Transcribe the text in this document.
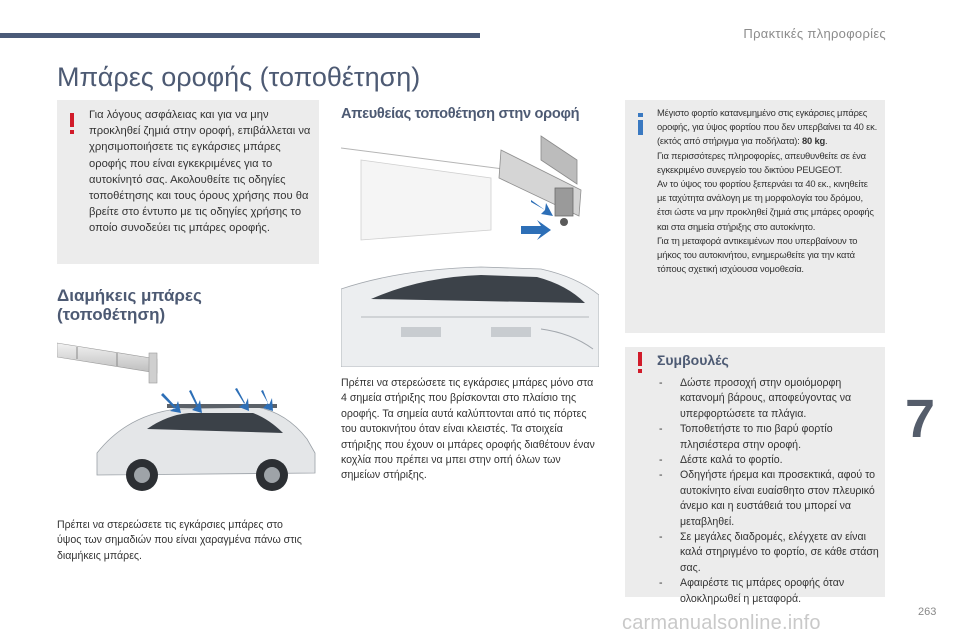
Πρακτικές πληροφορίες
Μπάρες οροφής (τοποθέτηση)

Για λόγους ασφάλειας και για να μην προκληθεί ζημιά στην οροφή, επιβάλλεται να χρησιμοποιήσετε τις εγκάρσιες μπάρες οροφής που είναι εγκεκριμένες για το αυτοκίνητό σας. Ακολουθείτε τις οδηγίες τοποθέτησης και τους όρους χρήσης που θα βρείτε στο έντυπο με τις οδηγίες χρήσης το οποίο συνοδεύει τις μπάρες οροφής.

Διαμήκεις μπάρες (τοποθέτηση)

Πρέπει να στερεώσετε τις εγκάρσιες μπάρες στο ύψος των σημαδιών που είναι χαραγμένα πάνω στις διαμήκεις μπάρες.

Απευθείας τοποθέτηση στην οροφή

Πρέπει να στερεώσετε τις εγκάρσιες μπάρες μόνο στα 4 σημεία στήριξης που βρίσκονται στο πλαίσιο της οροφής. Τα σημεία αυτά καλύπτονται από τις πόρτες του αυτοκινήτου όταν είναι κλειστές. Τα στοιχεία στήριξης που έχουν οι μπάρες οροφής διαθέτουν έναν κοχλία που πρέπει να μπει στην οπή όλων των σημείων στήριξης.

Μέγιστο φορτίο κατανεμημένο στις εγκάρσιες μπάρες οροφής, για ύψος φορτίου που δεν υπερβαίνει τα 40 εκ. (εκτός από στήριγμα για ποδήλατα): 80 kg.

Για περισσότερες πληροφορίες, απευθυνθείτε σε ένα εγκεκριμένο συνεργείο του δικτύου PEUGEOT.

Αν το ύψος του φορτίου ξεπερνάει τα 40 εκ., κινηθείτε με ταχύτητα ανάλογη με τη μορφολογία του δρόμου, έτσι ώστε να μην προκληθεί ζημιά στις μπάρες οροφής και στα σημεία στήριξης στο αυτοκίνητο.

Για τη μεταφορά αντικειμένων που υπερβαίνουν το μήκος του αυτοκινήτου, ενημερωθείτε για την κατά τόπους σχετική ισχύουσα νομοθεσία.

Συμβουλές
- Δώστε προσοχή στην ομοιόμορφη κατανομή βάρους, αποφεύγοντας να υπερφορτώσετε τα πλάγια.
- Τοποθετήστε το πιο βαρύ φορτίο πλησιέστερα στην οροφή.
- Δέστε καλά το φορτίο.
- Οδηγήστε ήρεμα και προσεκτικά, αφού το αυτοκίνητο είναι ευαίσθητο στον πλευρικό άνεμο και η ευστάθειά του μπορεί να μεταβληθεί.
- Σε μεγάλες διαδρομές, ελέγχετε αν είναι καλά στηριγμένο το φορτίο, σε κάθε στάση σας.
- Αφαιρέστε τις μπάρες οροφής όταν ολοκληρωθεί η μεταφορά.
7
carmanualsonline.info	263
